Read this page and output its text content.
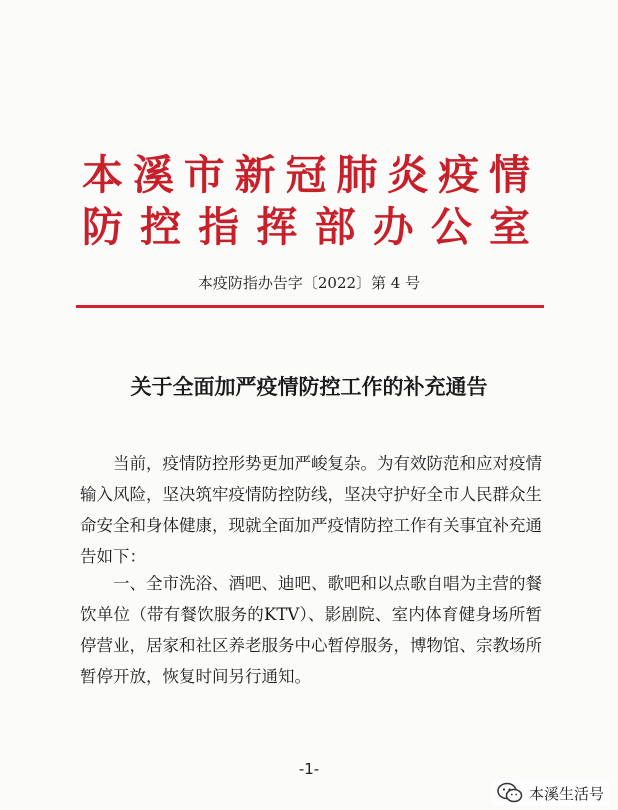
本溪市新冠肺炎疫情
防控指挥部办公室
本疫防指办告字〔2022〕第 4 号
关于全面加严疫情防控工作的补充通告
当前，疫情防控形势更加严峻复杂。为有效防范和应对疫情输入风险，坚决筑牢疫情防控防线，坚决守护好全市人民群众生命安全和身体健康，现就全面加严疫情防控工作有关事宜补充通告如下：
一、全市洗浴、酒吧、迪吧、歌吧和以点歌自唱为主营的餐饮单位（带有餐饮服务的KTV）、影剧院、室内体育健身场所暂停营业，居家和社区养老服务中心暂停服务，博物馆、宗教场所暂停开放，恢复时间另行通知。
-1-
本溪生活号
